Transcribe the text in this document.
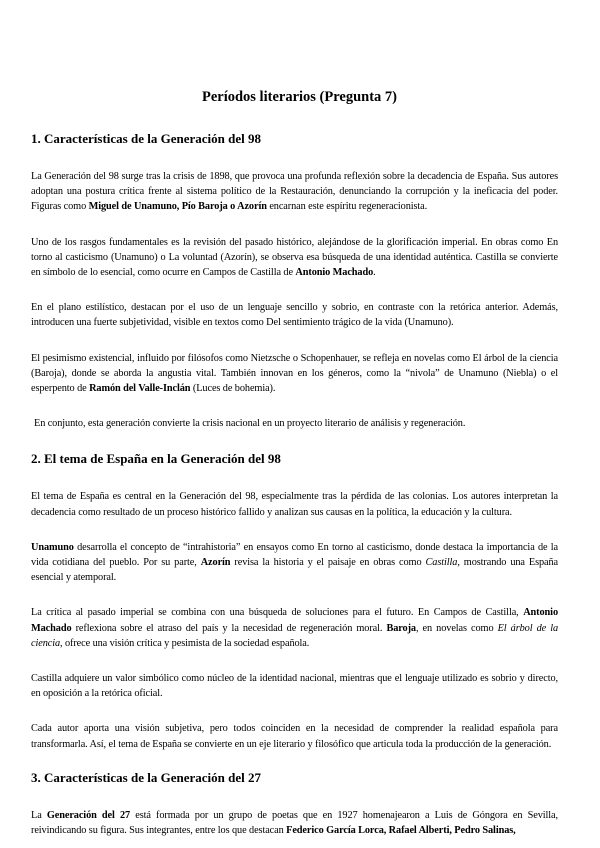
Períodos literarios (Pregunta 7)
1. Características de la Generación del 98

La Generación del 98 surge tras la crisis de 1898, que provoca una profunda reflexión sobre la decadencia de España. Sus autores adoptan una postura crítica frente al sistema político de la Restauración, denunciando la corrupción y la ineficacia del poder. Figuras como Miguel de Unamuno, Pío Baroja o Azorín encarnan este espíritu regeneracionista.

Uno de los rasgos fundamentales es la revisión del pasado histórico, alejándose de la glorificación imperial. En obras como En torno al casticismo (Unamuno) o La voluntad (Azorín), se observa esa búsqueda de una identidad auténtica. Castilla se convierte en símbolo de lo esencial, como ocurre en Campos de Castilla de Antonio Machado.

En el plano estilístico, destacan por el uso de un lenguaje sencillo y sobrio, en contraste con la retórica anterior. Además, introducen una fuerte subjetividad, visible en textos como Del sentimiento trágico de la vida (Unamuno).

El pesimismo existencial, influido por filósofos como Nietzsche o Schopenhauer, se refleja en novelas como El árbol de la ciencia (Baroja), donde se aborda la angustia vital. También innovan en los géneros, como la “nivola” de Unamuno (Niebla) o el esperpento de Ramón del Valle-Inclán (Luces de bohemia).

En conjunto, esta generación convierte la crisis nacional en un proyecto literario de análisis y regeneración.

2. El tema de España en la Generación del 98

El tema de España es central en la Generación del 98, especialmente tras la pérdida de las colonias. Los autores interpretan la decadencia como resultado de un proceso histórico fallido y analizan sus causas en la política, la educación y la cultura.

Unamuno desarrolla el concepto de “intrahistoria” en ensayos como En torno al casticismo, donde destaca la importancia de la vida cotidiana del pueblo. Por su parte, Azorín revisa la historia y el paisaje en obras como Castilla, mostrando una España esencial y atemporal.

La crítica al pasado imperial se combina con una búsqueda de soluciones para el futuro. En Campos de Castilla, Antonio Machado reflexiona sobre el atraso del país y la necesidad de regeneración moral. Baroja, en novelas como El árbol de la ciencia, ofrece una visión crítica y pesimista de la sociedad española.

Castilla adquiere un valor simbólico como núcleo de la identidad nacional, mientras que el lenguaje utilizado es sobrio y directo, en oposición a la retórica oficial.

Cada autor aporta una visión subjetiva, pero todos coinciden en la necesidad de comprender la realidad española para transformarla. Así, el tema de España se convierte en un eje literario y filosófico que articula toda la producción de la generación.

3. Características de la Generación del 27

La Generación del 27 está formada por un grupo de poetas que en 1927 homenajearon a Luis de Góngora en Sevilla, reivindicando su figura. Sus integrantes, entre los que destacan Federico García Lorca, Rafael Alberti, Pedro Salinas,
